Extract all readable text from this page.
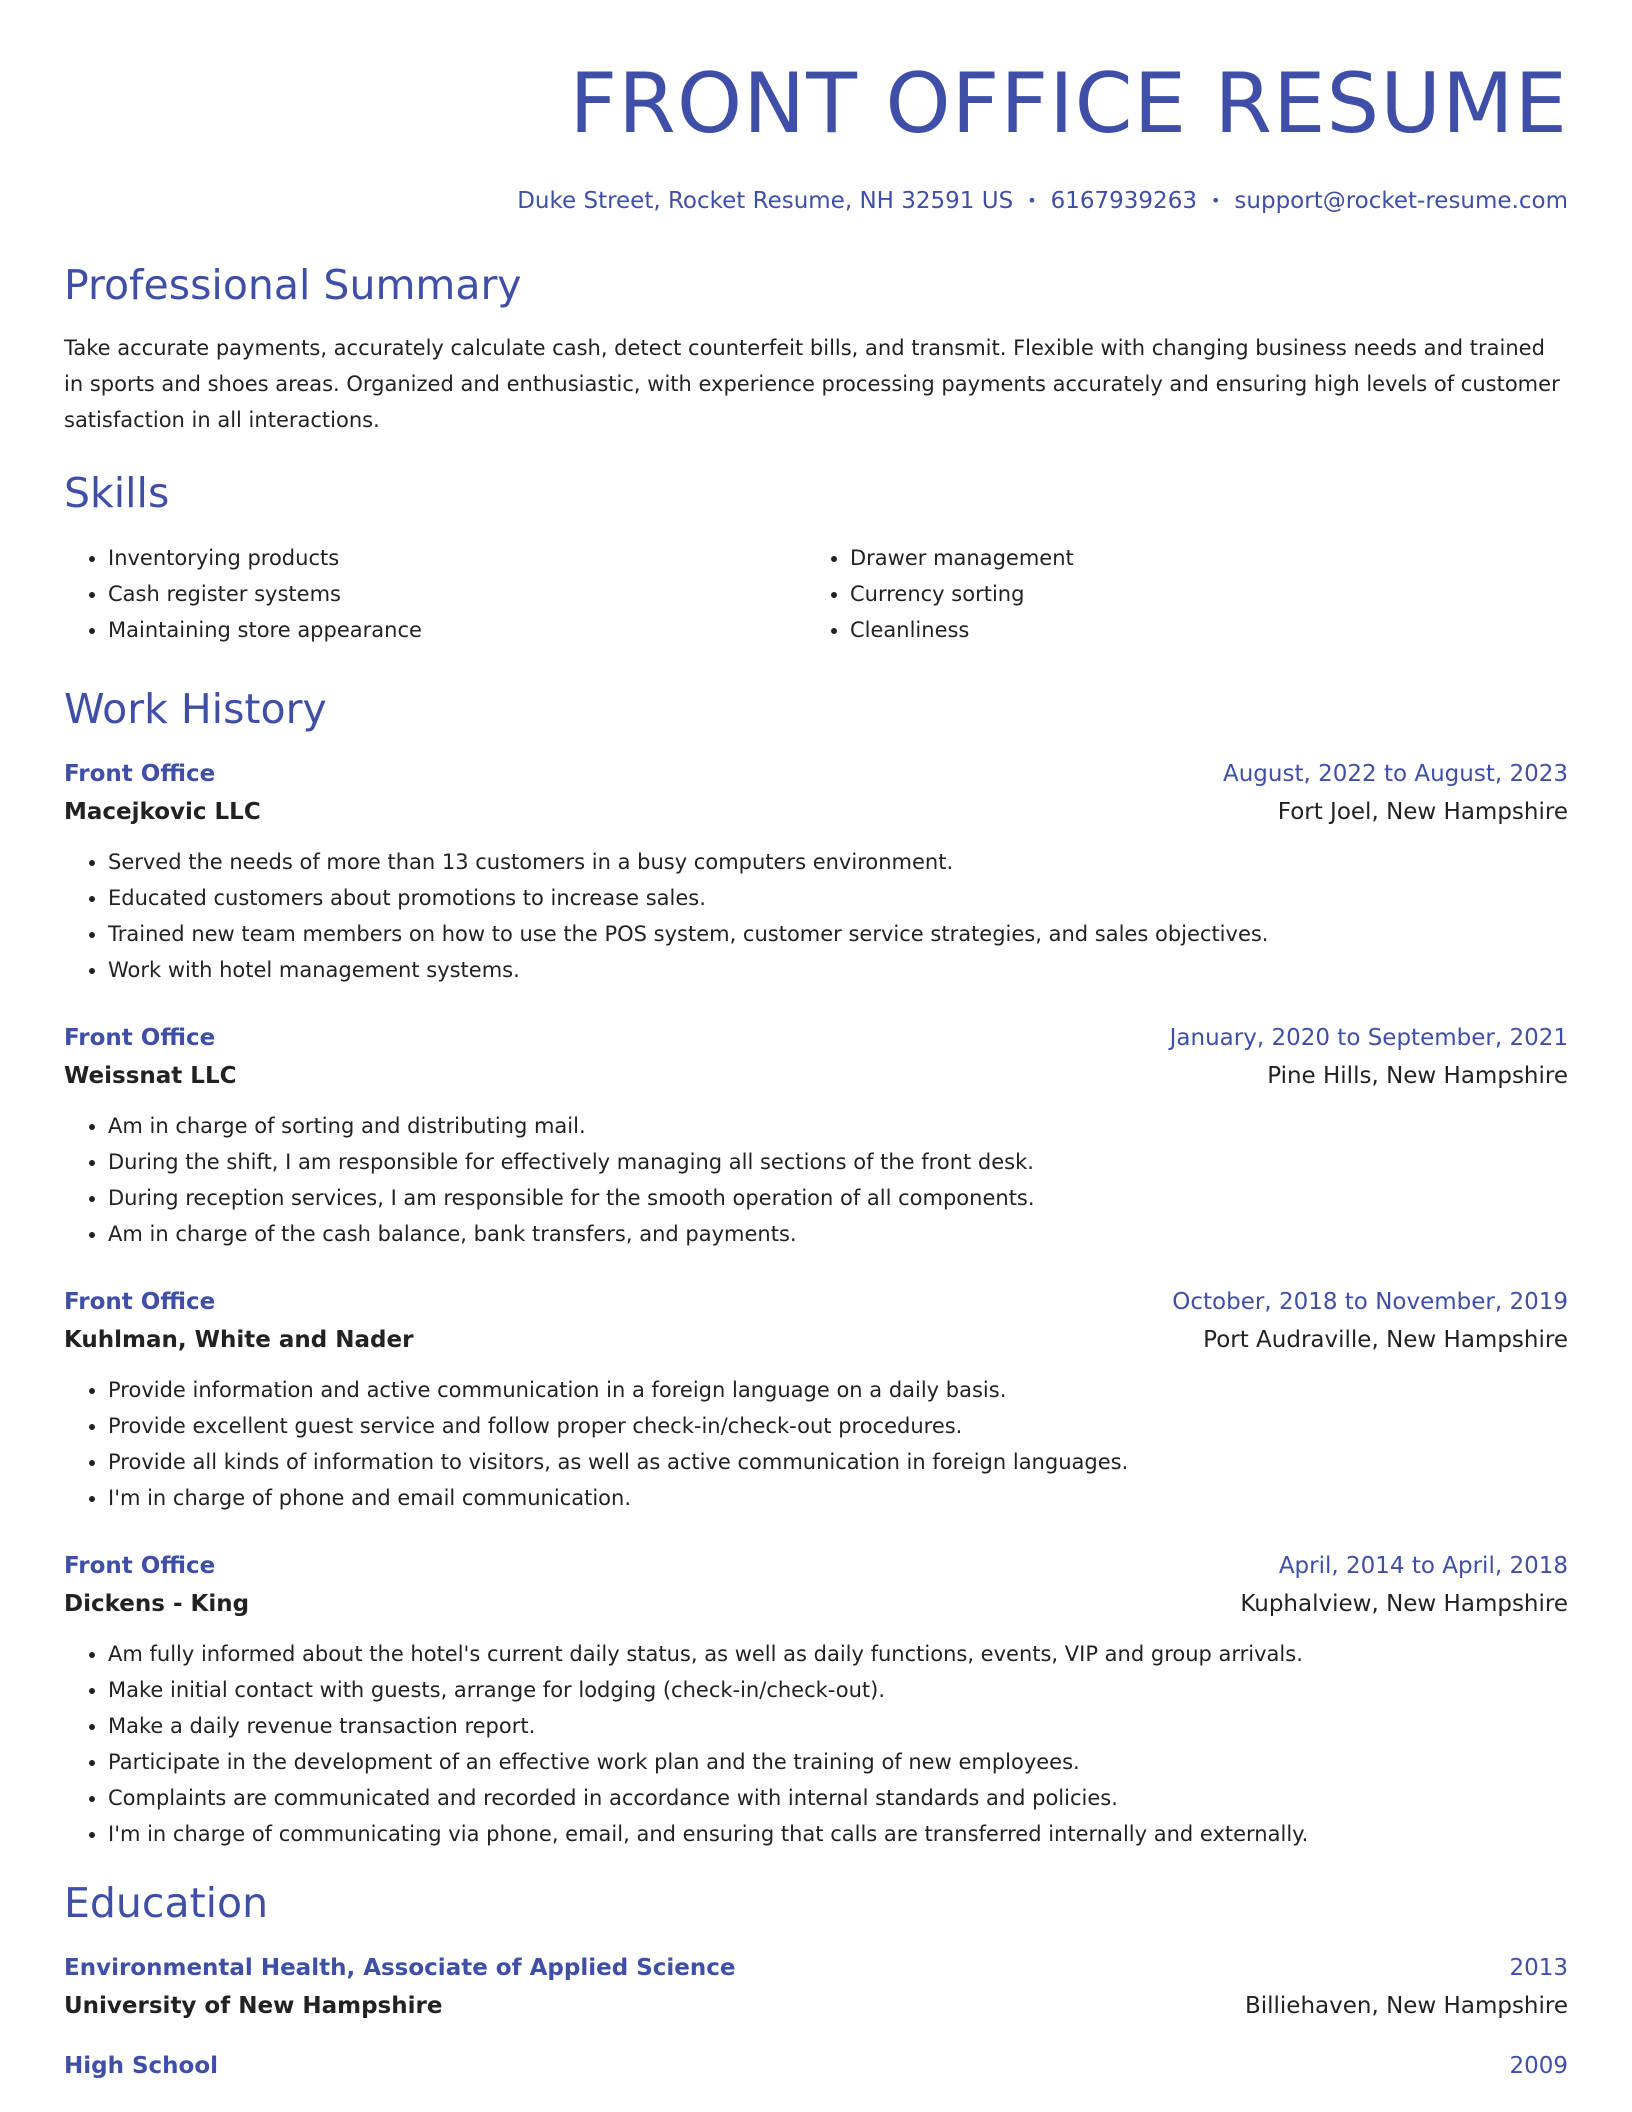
FRONT OFFICE RESUME
Duke Street, Rocket Resume, NH 32591 US • 6167939263 • support@rocket-resume.com
Professional Summary
Take accurate payments, accurately calculate cash, detect counterfeit bills, and transmit. Flexible with changing business needs and trained in sports and shoes areas. Organized and enthusiastic, with experience processing payments accurately and ensuring high levels of customer satisfaction in all interactions.
Skills
• Inventorying products
• Cash register systems
• Maintaining store appearance
• Drawer management
• Currency sorting
• Cleanliness
Work History
Front Office	August, 2022 to August, 2023
Macejkovic LLC	Fort Joel, New Hampshire
• Served the needs of more than 13 customers in a busy computers environment.
• Educated customers about promotions to increase sales.
• Trained new team members on how to use the POS system, customer service strategies, and sales objectives.
• Work with hotel management systems.
Front Office	January, 2020 to September, 2021
Weissnat LLC	Pine Hills, New Hampshire
• Am in charge of sorting and distributing mail.
• During the shift, I am responsible for effectively managing all sections of the front desk.
• During reception services, I am responsible for the smooth operation of all components.
• Am in charge of the cash balance, bank transfers, and payments.
Front Office	October, 2018 to November, 2019
Kuhlman, White and Nader	Port Audraville, New Hampshire
• Provide information and active communication in a foreign language on a daily basis.
• Provide excellent guest service and follow proper check-in/check-out procedures.
• Provide all kinds of information to visitors, as well as active communication in foreign languages.
• I'm in charge of phone and email communication.
Front Office	April, 2014 to April, 2018
Dickens - King	Kuphalview, New Hampshire
• Am fully informed about the hotel's current daily status, as well as daily functions, events, VIP and group arrivals.
• Make initial contact with guests, arrange for lodging (check-in/check-out).
• Make a daily revenue transaction report.
• Participate in the development of an effective work plan and the training of new employees.
• Complaints are communicated and recorded in accordance with internal standards and policies.
• I'm in charge of communicating via phone, email, and ensuring that calls are transferred internally and externally.
Education
Environmental Health, Associate of Applied Science	2013
University of New Hampshire	Billiehaven, New Hampshire
High School	2009
